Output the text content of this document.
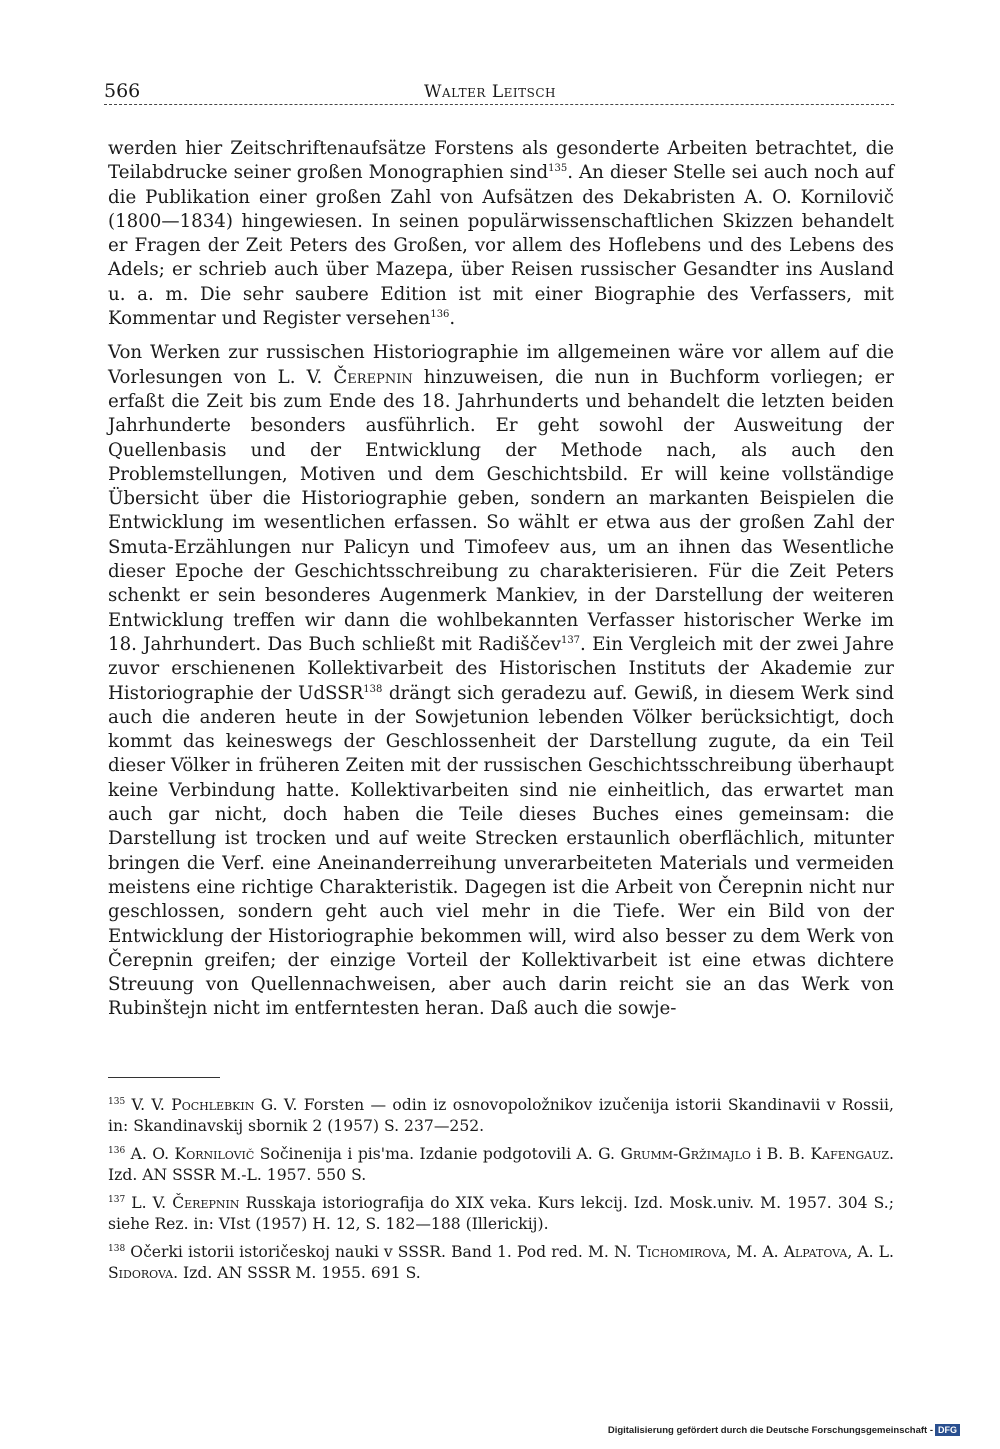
566	Walter Leitsch

werden hier Zeitschriftenaufsätze Forstens als gesonderte Arbeiten betrachtet, die Teilabdrucke seiner großen Monographien sind$^{135}$. An dieser Stelle sei auch noch auf die Publikation einer großen Zahl von Aufsätzen des Dekabristen A. O. Kornilovič (1800—1834) hingewiesen. In seinen populärwissenschaftlichen Skizzen behandelt er Fragen der Zeit Peters des Großen, vor allem des Hoflebens und des Lebens des Adels; er schrieb auch über Mazepa, über Reisen russischer Gesandter ins Ausland u. a. m. Die sehr saubere Edition ist mit einer Biographie des Verfassers, mit Kommentar und Register versehen$^{136}$.

Von Werken zur russischen Historiographie im allgemeinen wäre vor allem auf die Vorlesungen von L. V. Čerepnin hinzuweisen, die nun in Buchform vorliegen; er erfaßt die Zeit bis zum Ende des 18. Jahrhunderts und behandelt die letzten beiden Jahrhunderte besonders ausführlich. Er geht sowohl der Ausweitung der Quellenbasis und der Entwicklung der Methode nach, als auch den Problemstellungen, Motiven und dem Geschichtsbild. Er will keine vollständige Übersicht über die Historiographie geben, sondern an markanten Beispielen die Entwicklung im wesentlichen erfassen. So wählt er etwa aus der großen Zahl der Smuta-Erzählungen nur Palicyn und Timofeev aus, um an ihnen das Wesentliche dieser Epoche der Geschichtsschreibung zu charakterisieren. Für die Zeit Peters schenkt er sein besonderes Augenmerk Mankiev, in der Darstellung der weiteren Entwicklung treffen wir dann die wohlbekannten Verfasser historischer Werke im 18. Jahrhundert. Das Buch schließt mit Radiščev$^{137}$. Ein Vergleich mit der zwei Jahre zuvor erschienenen Kollektivarbeit des Historischen Instituts der Akademie zur Historiographie der UdSSR$^{138}$ drängt sich geradezu auf. Gewiß, in diesem Werk sind auch die anderen heute in der Sowjetunion lebenden Völker berücksichtigt, doch kommt das keineswegs der Geschlossenheit der Darstellung zugute, da ein Teil dieser Völker in früheren Zeiten mit der russischen Geschichtsschreibung überhaupt keine Verbindung hatte. Kollektivarbeiten sind nie einheitlich, das erwartet man auch gar nicht, doch haben die Teile dieses Buches eines gemeinsam: die Darstellung ist trocken und auf weite Strecken erstaunlich oberflächlich, mitunter bringen die Verf. eine Aneinanderreihung unverarbeiteten Materials und vermeiden meistens eine richtige Charakteristik. Dagegen ist die Arbeit von Čerepnin nicht nur geschlossen, sondern geht auch viel mehr in die Tiefe. Wer ein Bild von der Entwicklung der Historiographie bekommen will, wird also besser zu dem Werk von Čerepnin greifen; der einzige Vorteil der Kollektivarbeit ist eine etwas dichtere Streuung von Quellennachweisen, aber auch darin reicht sie an das Werk von Rubinštejn nicht im entferntesten heran. Daß auch die sowje-

$^{135}$ V. V. Pochlebkin G. V. Forsten — odin iz osnovopoložnikov izučenija istorii Skandinavii v Rossii, in: Skandinavskij sbornik 2 (1957) S. 237—252.

$^{136}$ A. O. Kornilovič Sočinenija i pis'ma. Izdanie podgotovili A. G. Grumm-Gržimajlo i B. B. Kafengauz. Izd. AN SSSR M.-L. 1957. 550 S.

$^{137}$ L. V. Čerepnin Russkaja istoriografija do XIX veka. Kurs lekcij. Izd. Mosk.univ. M. 1957. 304 S.; siehe Rez. in: VIst (1957) H. 12, S. 182—188 (Illerickij).

$^{138}$ Očerki istorii istoričeskoj nauki v SSSR. Band 1. Pod red. M. N. Tichomirova, M. A. Alpatova, A. L. Sidorova. Izd. AN SSSR M. 1955. 691 S.

Digitalisierung gefördert durch die Deutsche Forschungsgemeinschaft - DFG
